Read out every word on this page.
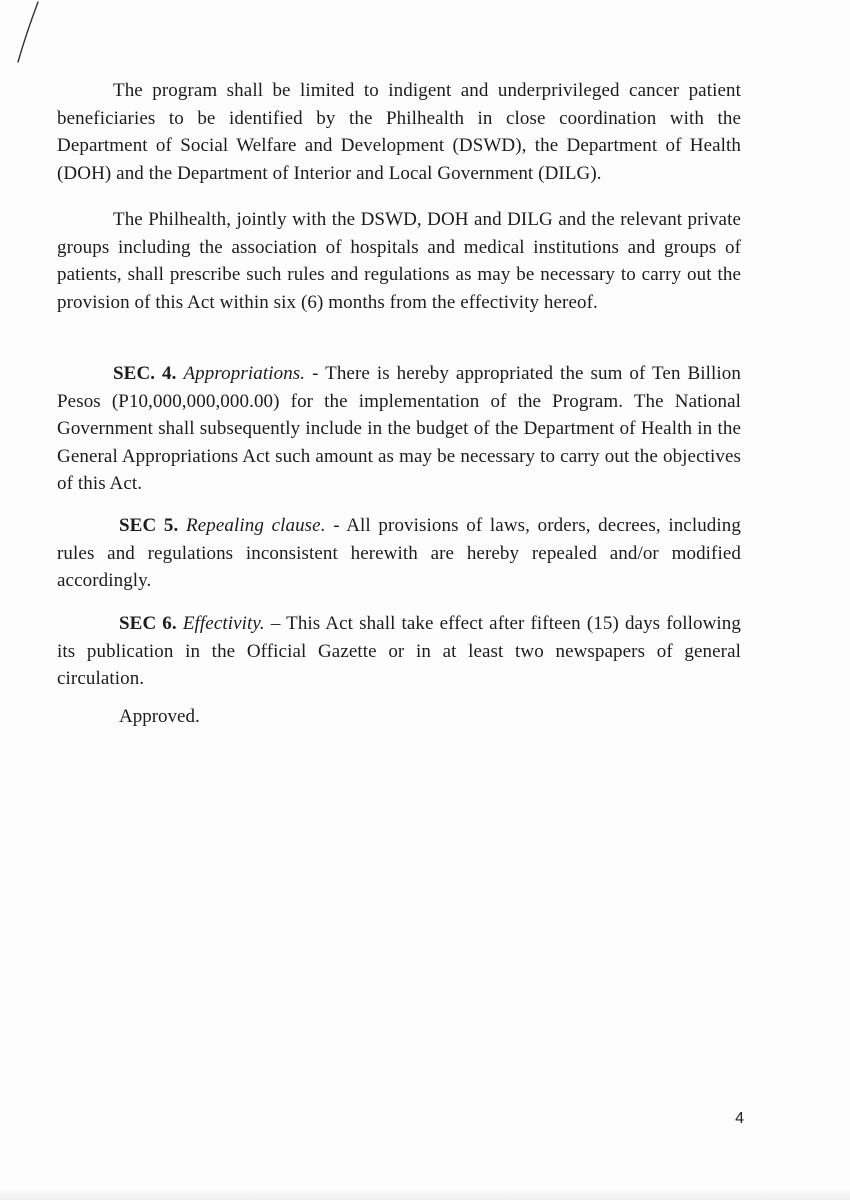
The program shall be limited to indigent and underprivileged cancer patient beneficiaries to be identified by the Philhealth in close coordination with the Department of Social Welfare and Development (DSWD), the Department of Health (DOH) and the Department of Interior and Local Government (DILG).
The Philhealth, jointly with the DSWD, DOH and DILG and the relevant private groups including the association of hospitals and medical institutions and groups of patients, shall prescribe such rules and regulations as may be necessary to carry out the provision of this Act within six (6) months from the effectivity hereof.
SEC. 4. Appropriations. - There is hereby appropriated the sum of Ten Billion Pesos (P10,000,000,000.00) for the implementation of the Program. The National Government shall subsequently include in the budget of the Department of Health in the General Appropriations Act such amount as may be necessary to carry out the objectives of this Act.
SEC 5. Repealing clause. - All provisions of laws, orders, decrees, including rules and regulations inconsistent herewith are hereby repealed and/or modified accordingly.
SEC 6. Effectivity. – This Act shall take effect after fifteen (15) days following its publication in the Official Gazette or in at least two newspapers of general circulation.
Approved.
4
